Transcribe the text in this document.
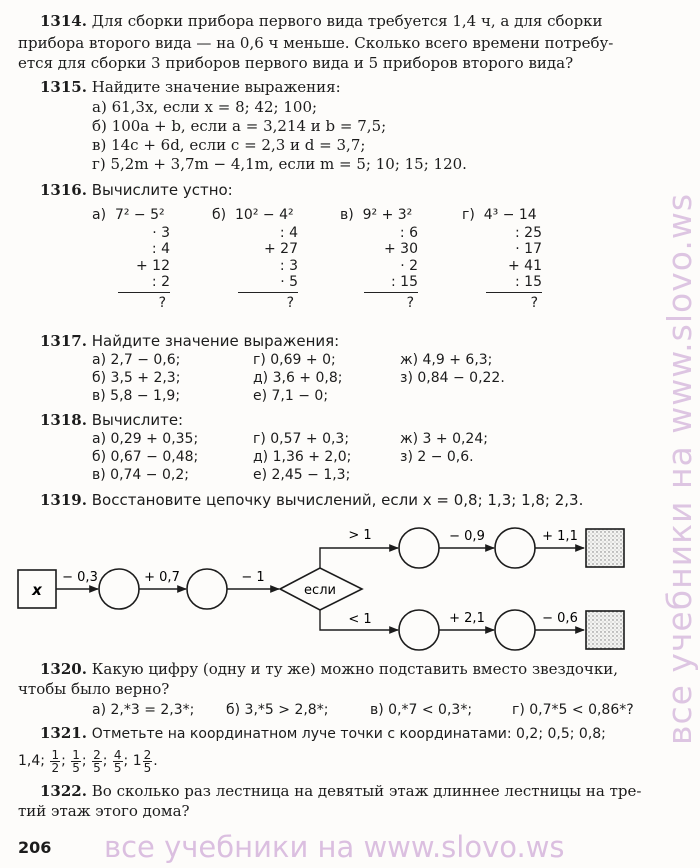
1314. Для сборки прибора первого вида требуется 1,4 ч, а для сборки
прибора второго вида — на 0,6 ч меньше. Сколько всего времени потребу-
ется для сборки 3 приборов первого вида и 5 приборов второго вида?
1315. Найдите значение выражения:
а) 61,3x, если x = 8; 42; 100;
б) 100a + b, если a = 3,214 и b = 7,5;
в) 14c + 6d, если c = 2,3 и d = 3,7;
г) 5,2m + 3,7m − 4,1m, если m = 5; 10; 15; 120.
1316. Вычислите устно:
а) 7² − 5²
· 3
: 4
+ 12
: 2
?
б) 10² − 4²
: 4
+ 27
: 3
· 5
?
в) 9² + 3²
: 6
+ 30
· 2
: 15
?
г) 4³ − 14
: 25
· 17
+ 41
: 15
?
1317. Найдите значение выражения:
а) 2,7 − 0,6;
б) 3,5 + 2,3;
в) 5,8 − 1,9;
г) 0,69 + 0;
д) 3,6 + 0,8;
е) 7,1 − 0;
ж) 4,9 + 6,3;
з) 0,84 − 0,22.
1318. Вычислите:
а) 0,29 + 0,35;
б) 0,67 − 0,48;
в) 0,74 − 0,2;
г) 0,57 + 0,3;
д) 1,36 + 2,0;
е) 2,45 − 1,3;
ж) 3 + 0,24;
з) 2 − 0,6.
1319. Восстановите цепочку вычислений, если x = 0,8; 1,3; 1,8; 2,3.
x
− 0,3	+ 0,7	− 1
если
> 1	− 0,9	+ 1,1
< 1	+ 2,1	− 0,6
1320. Какую цифру (одну и ту же) можно подставить вместо звездочки,
чтобы было верно?
а) 2,*3 = 2,3*; б) 3,*5 > 2,8*;	в) 0,*7 < 0,3*;	г) 0,7*5 < 0,86*?
1321. Отметьте на координатном луче точки с координатами: 0,2; 0,5; 0,8;
1,4; $\frac{1}{2}$ ; $\frac{1}{5}$ ; $\frac{2}{5}$ ; $\frac{4}{5}$ ; $1 \frac{2}{5}$ .
1322. Во сколько раз лестница на девятый этаж длиннее лестницы на тре-
тий этаж этого дома?
206 все учебники на www.slovo.ws
все учебники на www.slovo.ws
